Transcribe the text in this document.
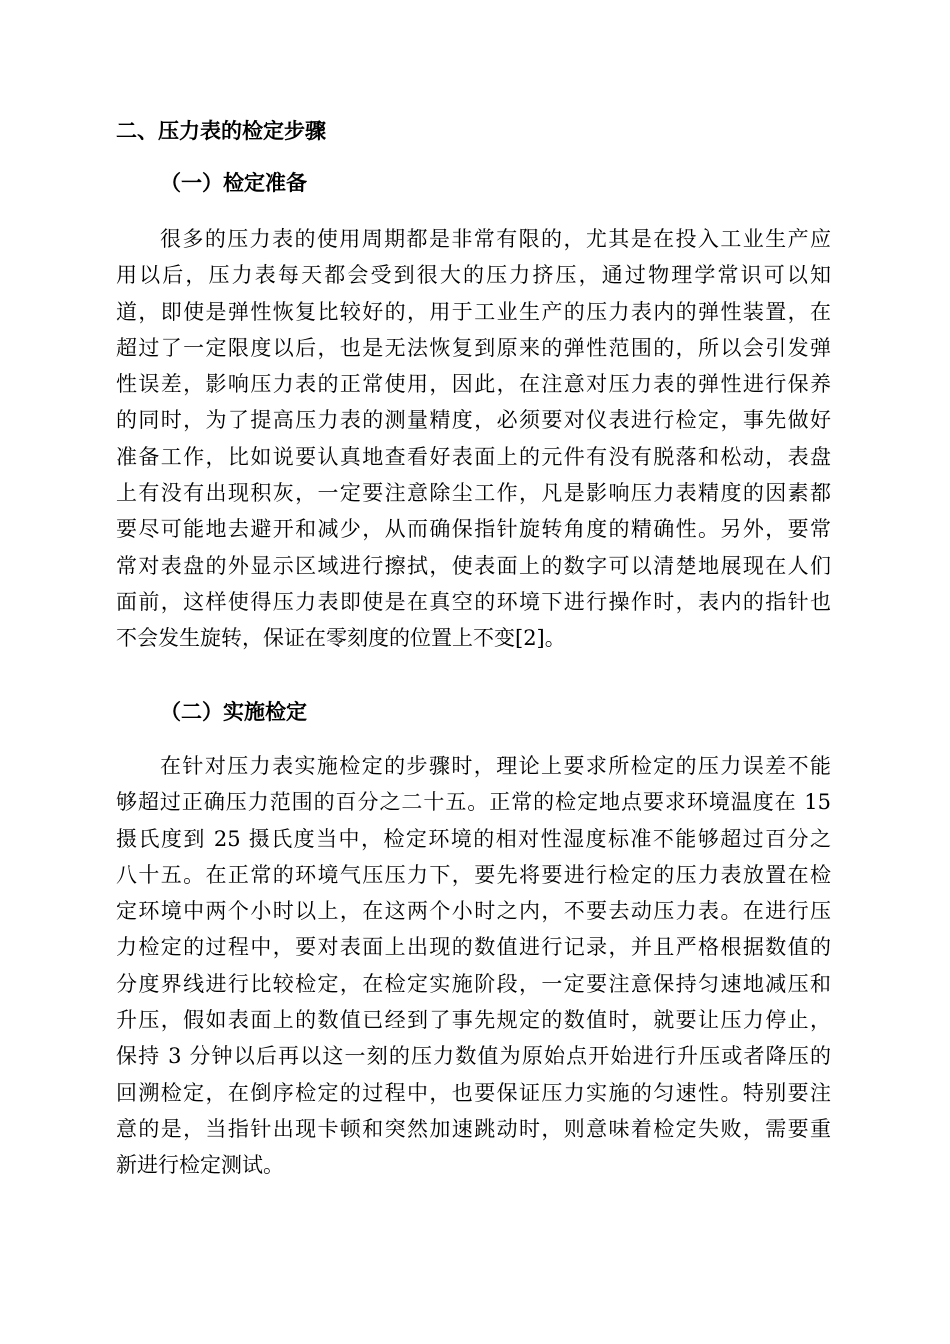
二、压力表的检定步骤
（一）检定准备
很多的压力表的使用周期都是非常有限的，尤其是在投入工业生产应
用以后，压力表每天都会受到很大的压力挤压，通过物理学常识可以知
道，即使是弹性恢复比较好的，用于工业生产的压力表内的弹性装置，在
超过了一定限度以后，也是无法恢复到原来的弹性范围的，所以会引发弹
性误差，影响压力表的正常使用，因此，在注意对压力表的弹性进行保养
的同时，为了提高压力表的测量精度，必须要对仪表进行检定，事先做好
准备工作，比如说要认真地查看好表面上的元件有没有脱落和松动，表盘
上有没有出现积灰，一定要注意除尘工作，凡是影响压力表精度的因素都
要尽可能地去避开和减少，从而确保指针旋转角度的精确性。另外，要常
常对表盘的外显示区域进行擦拭，使表面上的数字可以清楚地展现在人们
面前，这样使得压力表即使是在真空的环境下进行操作时，表内的指针也
不会发生旋转，保证在零刻度的位置上不变[2]。
（二）实施检定
在针对压力表实施检定的步骤时，理论上要求所检定的压力误差不能
够超过正确压力范围的百分之二十五。正常的检定地点要求环境温度在 15
摄氏度到 25 摄氏度当中，检定环境的相对性湿度标准不能够超过百分之
八十五。在正常的环境气压压力下，要先将要进行检定的压力表放置在检
定环境中两个小时以上，在这两个小时之内，不要去动压力表。在进行压
力检定的过程中，要对表面上出现的数值进行记录，并且严格根据数值的
分度界线进行比较检定，在检定实施阶段，一定要注意保持匀速地减压和
升压，假如表面上的数值已经到了事先规定的数值时，就要让压力停止，
保持 3 分钟以后再以这一刻的压力数值为原始点开始进行升压或者降压的
回溯检定，在倒序检定的过程中，也要保证压力实施的匀速性。特别要注
意的是，当指针出现卡顿和突然加速跳动时，则意味着检定失败，需要重
新进行检定测试。
